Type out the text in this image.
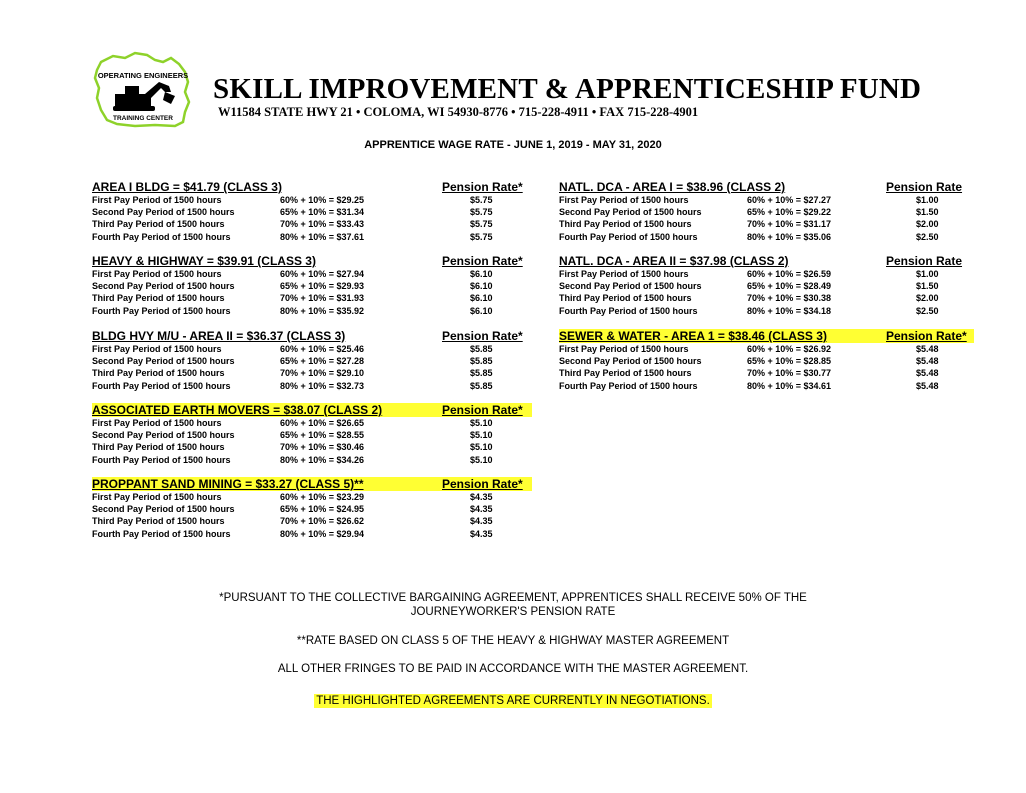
OPERATING ENGINEERS
TRAINING CENTER
SKILL IMPROVEMENT & APPRENTICESHIP FUND
W11584 STATE HWY 21 • COLOMA, WI 54930-8776 • 715-228-4911 • FAX 715-228-4901
APPRENTICE WAGE RATE - JUNE 1, 2019 - MAY 31, 2020
AREA I BLDG = $41.79 (CLASS 3)	Pension Rate*
First Pay Period of 1500 hours	60% + 10% = $29.25	$5.75
Second Pay Period of 1500 hours	65% + 10% = $31.34	$5.75
Third Pay Period of 1500 hours	70% + 10% = $33.43	$5.75
Fourth Pay Period of 1500 hours	80% + 10% = $37.61	$5.75
HEAVY & HIGHWAY = $39.91 (CLASS 3)	Pension Rate*
First Pay Period of 1500 hours	60% + 10% = $27.94	$6.10
Second Pay Period of 1500 hours	65% + 10% = $29.93	$6.10
Third Pay Period of 1500 hours	70% + 10% = $31.93	$6.10
Fourth Pay Period of 1500 hours	80% + 10% = $35.92	$6.10
BLDG HVY M/U - AREA II = $36.37 (CLASS 3)	Pension Rate*
First Pay Period of 1500 hours	60% + 10% = $25.46	$5.85
Second Pay Period of 1500 hours	65% + 10% = $27.28	$5.85
Third Pay Period of 1500 hours	70% + 10% = $29.10	$5.85
Fourth Pay Period of 1500 hours	80% + 10% = $32.73	$5.85
ASSOCIATED EARTH MOVERS = $38.07 (CLASS 2)	Pension Rate*
First Pay Period of 1500 hours	60% + 10% = $26.65	$5.10
Second Pay Period of 1500 hours	65% + 10% = $28.55	$5.10
Third Pay Period of 1500 hours	70% + 10% = $30.46	$5.10
Fourth Pay Period of 1500 hours	80% + 10% = $34.26	$5.10
PROPPANT SAND MINING = $33.27 (CLASS 5)**	Pension Rate*
First Pay Period of 1500 hours	60% + 10% = $23.29	$4.35
Second Pay Period of 1500 hours	65% + 10% = $24.95	$4.35
Third Pay Period of 1500 hours	70% + 10% = $26.62	$4.35
Fourth Pay Period of 1500 hours	80% + 10% = $29.94	$4.35
NATL. DCA - AREA I = $38.96 (CLASS 2)	Pension Rate
First Pay Period of 1500 hours	60% + 10% = $27.27	$1.00
Second Pay Period of 1500 hours	65% + 10% = $29.22	$1.50
Third Pay Period of 1500 hours	70% + 10% = $31.17	$2.00
Fourth Pay Period of 1500 hours	80% + 10% = $35.06	$2.50
NATL. DCA - AREA II = $37.98 (CLASS 2)	Pension Rate
First Pay Period of 1500 hours	60% + 10% = $26.59	$1.00
Second Pay Period of 1500 hours	65% + 10% = $28.49	$1.50
Third Pay Period of 1500 hours	70% + 10% = $30.38	$2.00
Fourth Pay Period of 1500 hours	80% + 10% = $34.18	$2.50
SEWER & WATER - AREA 1 = $38.46 (CLASS 3)	Pension Rate*
First Pay Period of 1500 hours	60% + 10% = $26.92	$5.48
Second Pay Period of 1500 hours	65% + 10% = $28.85	$5.48
Third Pay Period of 1500 hours	70% + 10% = $30.77	$5.48
Fourth Pay Period of 1500 hours	80% + 10% = $34.61	$5.48
*PURSUANT TO THE COLLECTIVE BARGAINING AGREEMENT, APPRENTICES SHALL RECEIVE 50% OF THE
JOURNEYWORKER'S PENSION RATE
**RATE BASED ON CLASS 5 OF THE HEAVY & HIGHWAY MASTER AGREEMENT
ALL OTHER FRINGES TO BE PAID IN ACCORDANCE WITH THE MASTER AGREEMENT.
THE HIGHLIGHTED AGREEMENTS ARE CURRENTLY IN NEGOTIATIONS.
